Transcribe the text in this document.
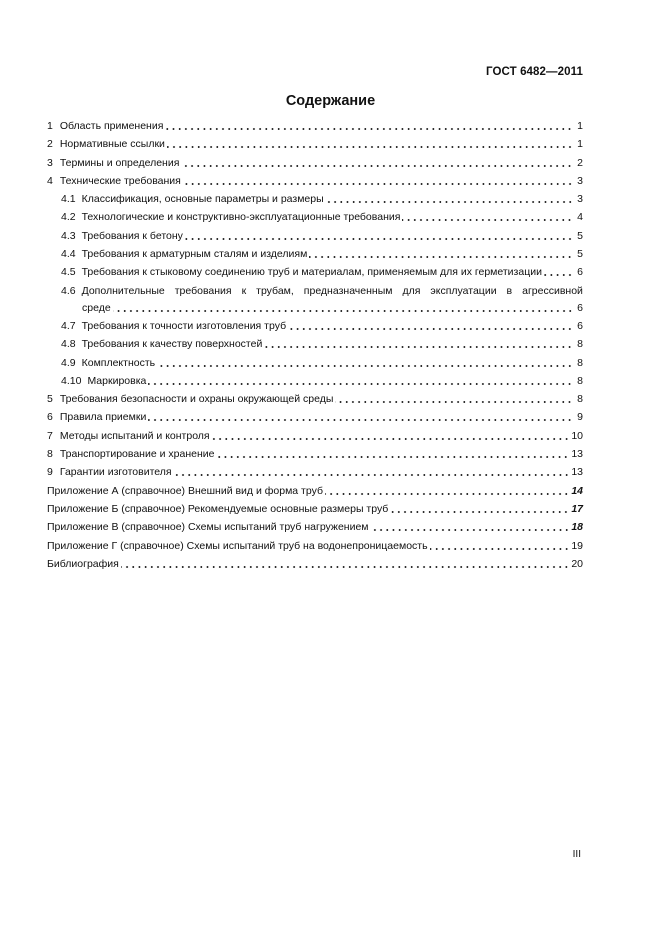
ГОСТ 6482—2011
Содержание
1 Область применения	1
2 Нормативные ссылки	1
3 Термины и определения	2
4 Технические требования	3
4.1 Классификация, основные параметры и размеры	3
4.2 Технологические и конструктивно-эксплуатационные требования	4
4.3 Требования к бетону	5
4.4 Требования к арматурным сталям и изделиям	5
4.5 Требования к стыковому соединению труб и материалам, применяемым для их герметизации	6
4.6 Дополнительные требования к трубам, предназначенным для эксплуатации в агрессивной
среде	6
4.7 Требования к точности изготовления труб	6
4.8 Требования к качеству поверхностей	8
4.9 Комплектность	8
4.10 Маркировка	8
5 Требования безопасности и охраны окружающей среды	8
6 Правила приемки	9
7 Методы испытаний и контроля	10
8 Транспортирование и хранение	13
9 Гарантии изготовителя	13
Приложение А (справочное) Внешний вид и форма труб	14
Приложение Б (справочное) Рекомендуемые основные размеры труб	17
Приложение В (справочное) Схемы испытаний труб нагружением	18
Приложение Г (справочное) Схемы испытаний труб на водонепроницаемость	19
Библиография	20
III
